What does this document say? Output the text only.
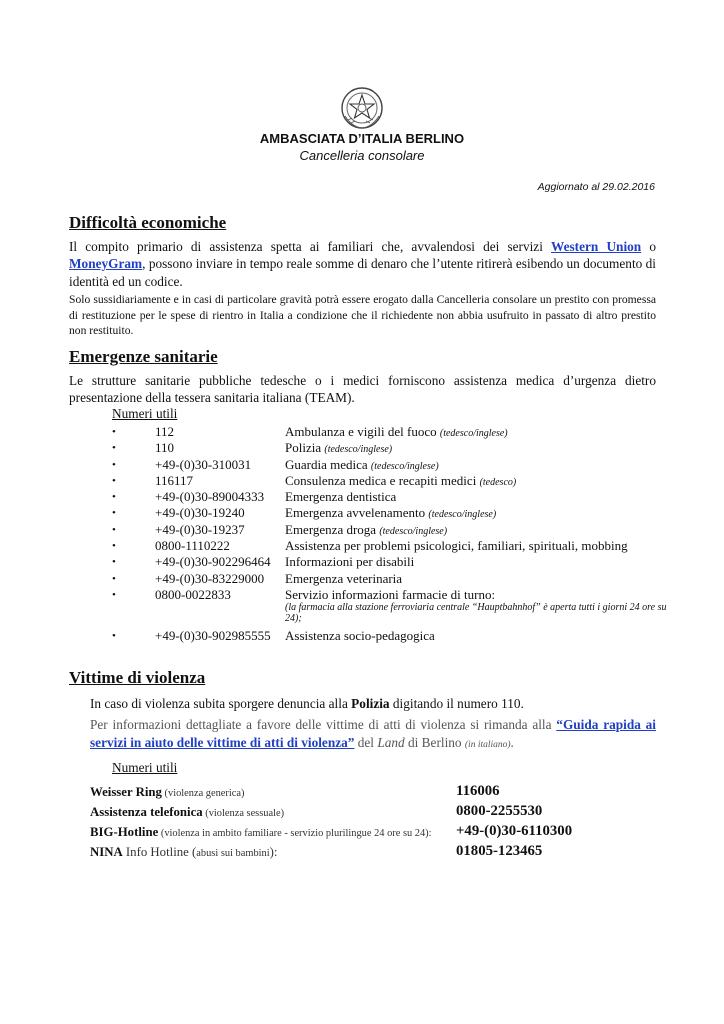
AMBASCIATA D’ITALIA BERLINO
Cancelleria consolare
Aggiornato al 29.02.2016
Difficoltà economiche
Il compito primario di assistenza spetta ai familiari che, avvalendosi dei servizi Western Union o MoneyGram, possono inviare in tempo reale somme di denaro che l’utente ritirerà esibendo un documento di identità ed un codice.
Solo sussidiariamente e in casi di particolare gravità potrà essere erogato dalla Cancelleria consolare un prestito con promessa di restituzione per le spese di rientro in Italia a condizione che il richiedente non abbia usufruito in passato di altro prestito non restituito.
Emergenze sanitarie
Le strutture sanitarie pubbliche tedesche o i medici forniscono assistenza medica d’urgenza dietro presentazione della tessera sanitaria italiana (TEAM).
Numeri utili
•	112	Ambulanza e vigili del fuoco (tedesco/inglese)
•	110	Polizia (tedesco/inglese)
•	+49-(0)30-310031	Guardia medica (tedesco/inglese)
•	116117	Consulenza medica e recapiti medici (tedesco)
•	+49-(0)30-89004333 Emergenza dentistica
•	+49-(0)30-19240	Emergenza avvelenamento (tedesco/inglese)
•	+49-(0)30-19237	Emergenza droga (tedesco/inglese)
•	0800-1110222	Assistenza per problemi psicologici, familiari, spirituali, mobbing
•	+49-(0)30-902296464 Informazioni per disabili
•	+49-(0)30-83229000 Emergenza veterinaria
•	0800-0022833	Servizio informazioni farmacie di turno:
(la farmacia alla stazione ferroviaria centrale “Hauptbahnhof” è aperta tutti i giorni 24 ore su 24);
•	+49-(0)30-902985555 Assistenza socio-pedagogica
Vittime di violenza
In caso di violenza subita sporgere denuncia alla Polizia digitando il numero 110.
Per informazioni dettagliate a favore delle vittime di atti di violenza si rimanda alla “Guida rapida ai servizi in aiuto delle vittime di atti di violenza” del Land di Berlino (in italiano).
Numeri utili
Weisser Ring (violenza generica)	116006
Assistenza telefonica (violenza sessuale)	0800-2255530
BIG-Hotline (violenza in ambito familiare - servizio plurilingue 24 ore su 24): +49-(0)30-6110300
NINA Info Hotline (abusi sui bambini):	01805-123465
